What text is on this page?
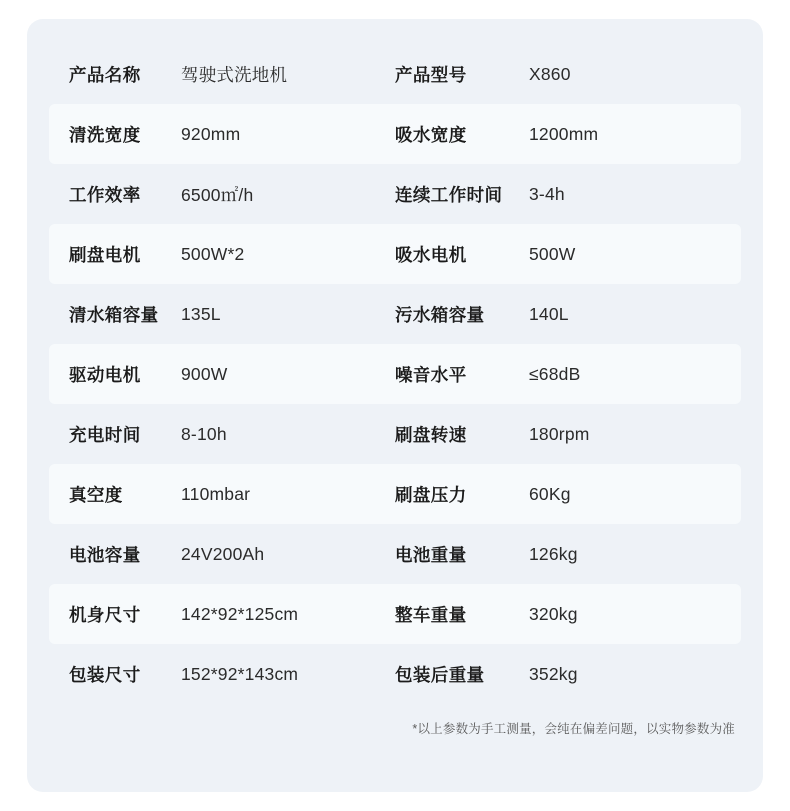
产品名称	驾驶式洗地机	产品型号	X860
清洗宽度	920mm	吸水宽度	1200mm
工作效率	6500㎡/h	连续工作时间	3-4h
刷盘电机	500W*2	吸水电机	500W
清水箱容量	135L	污水箱容量	140L
驱动电机	900W	噪音水平	≤68dB
充电时间	8-10h	刷盘转速	180rpm
真空度	110mbar	刷盘压力	60Kg
电池容量	24V200Ah	电池重量	126kg
机身尺寸	142*92*125cm	整车重量	320kg
包装尺寸	152*92*143cm	包装后重量	352kg
*以上参数为手工测量，会纯在偏差问题，以实物参数为准
